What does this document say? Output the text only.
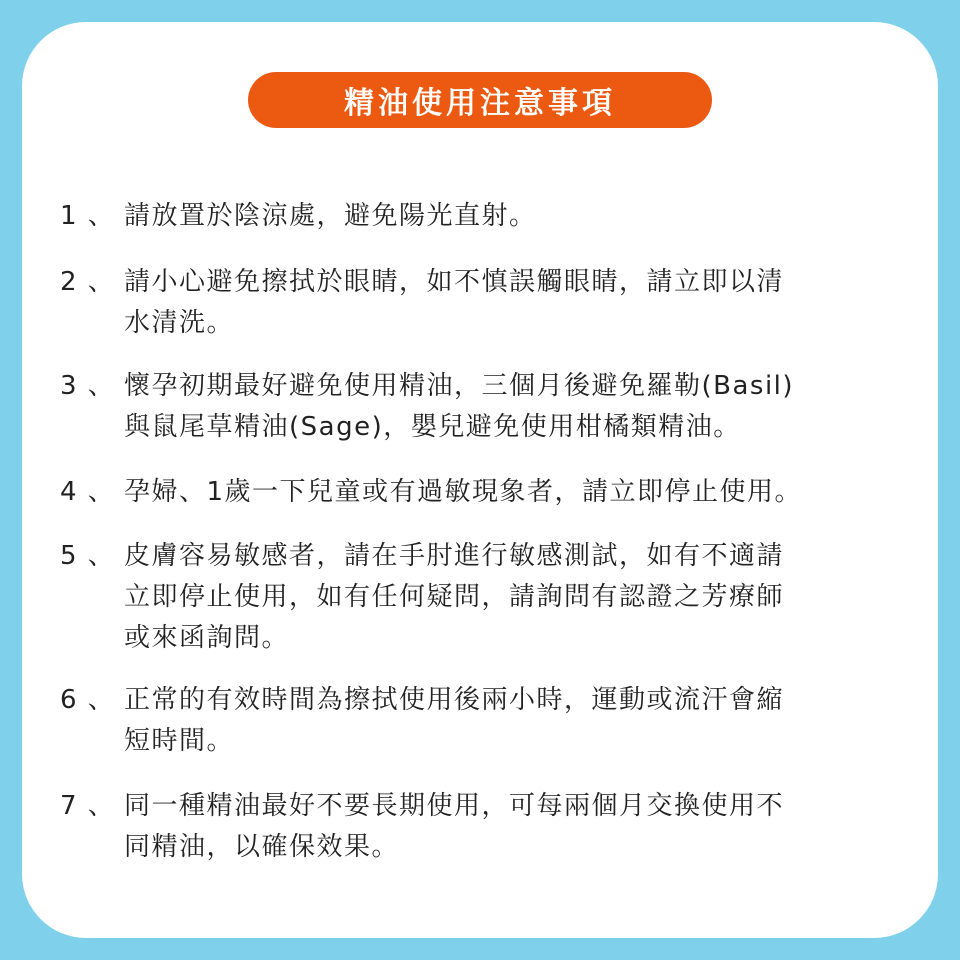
精油使用注意事項
1 、 請放置於陰涼處，避免陽光直射。
2 、 請小心避免擦拭於眼睛，如不慎誤觸眼睛，請立即以清
水清洗。
3 、 懷孕初期最好避免使用精油，三個月後避免羅勒(Basil)
與鼠尾草精油(Sage)，嬰兒避免使用柑橘類精油。
4 、 孕婦、1歲一下兒童或有過敏現象者，請立即停止使用。
5 、 皮膚容易敏感者，請在手肘進行敏感測試，如有不適請
立即停止使用，如有任何疑問，請詢問有認證之芳療師
或來函詢問。
6 、 正常的有效時間為擦拭使用後兩小時，運動或流汗會縮
短時間。
7 、 同一種精油最好不要長期使用，可每兩個月交換使用不
同精油，以確保效果。
